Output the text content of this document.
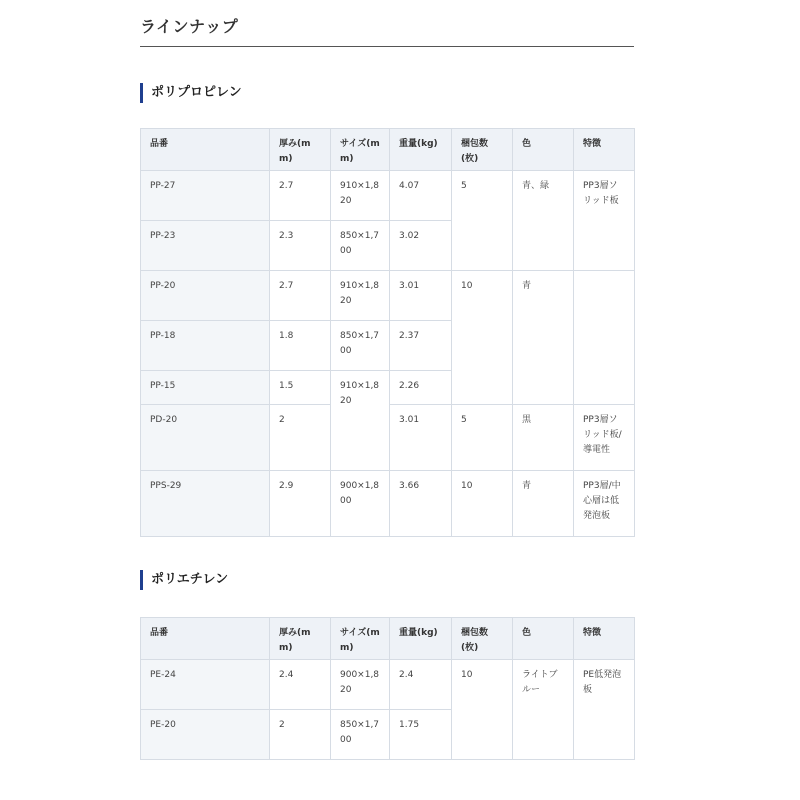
ラインナップ
ポリプロピレン
品番	厚み(mm)	サイズ(mm)	重量(kg)	梱包数(枚)	色	特徴
PP-27	2.7	910×1,820	4.07	5	青、緑	PP3層ソリッド板
PP-23	2.3	850×1,700	3.02			
PP-20	2.7	910×1,820	3.01	10	青	
PP-18	1.8	850×1,700	2.37			
PP-15	1.5	910×1,820	2.26			
PD-20	2		3.01	5	黒	PP3層ソリッド板/導電性
PPS-29	2.9	900×1,800	3.66	10	青	PP3層/中心層は低発泡板
ポリエチレン
品番	厚み(mm)	サイズ(mm)	重量(kg)	梱包数(枚)	色	特徴
PE-24	2.4	900×1,820	2.4	10	ライトブルー	PE低発泡板
PE-20	2	850×1,700	1.75			
